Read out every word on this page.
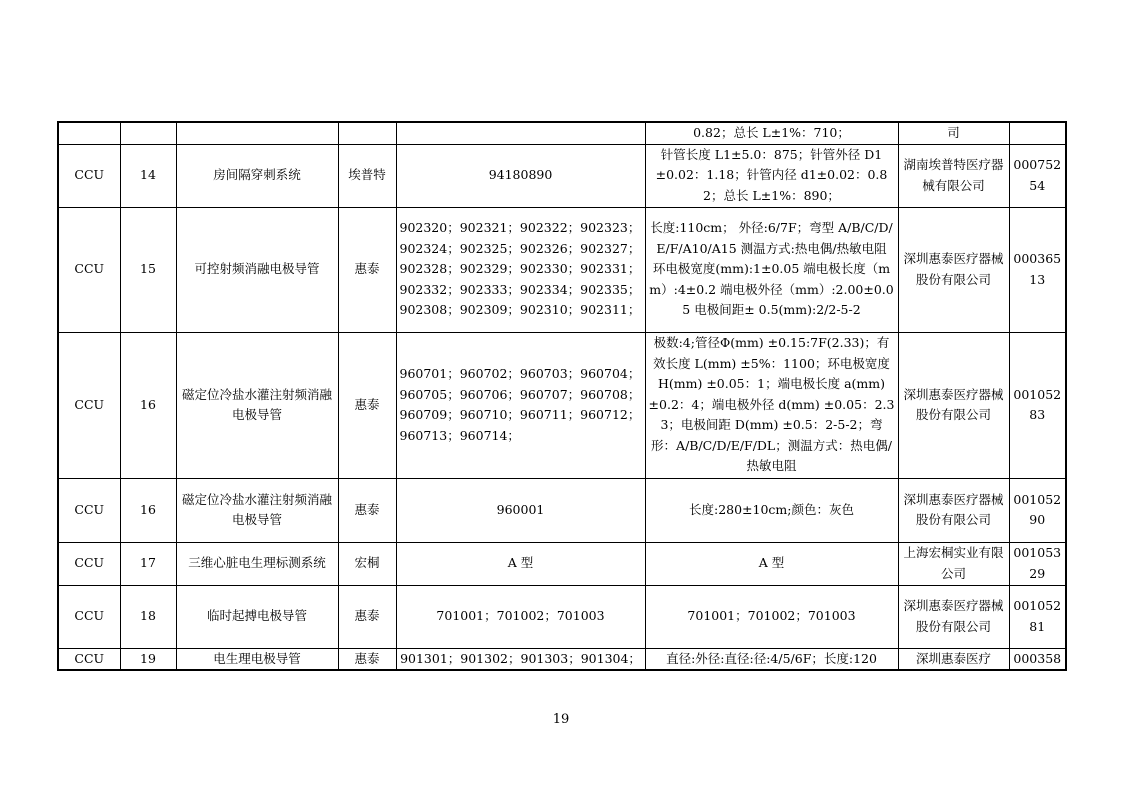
					0.82；总长 L±1%：710；	司	
CCU	14	房间隔穿刺系统	埃普特	94180890	针管长度 L1±5.0：875；针管外径 D1 ±0.02：1.18；针管内径 d1±0.02：0.82；总长 L±1%：890；	湖南埃普特医疗器械有限公司	00075254
CCU	15	可控射频消融电极导管	惠泰	902320；902321；902322；902323；902324；902325；902326；902327；902328；902329；902330；902331；902332；902333；902334；902335；902308；902309；902310；902311；	长度:110cm； 外径:6/7F；弯型 A/B/C/D/E/F/A10/A15 测温方式:热电偶/热敏电阻 环电极宽度(mm):1±0.05 端电极长度（mm）:4±0.2 端电极外径（mm）:2.00±0.05 电极间距± 0.5(mm):2/2-5-2	深圳惠泰医疗器械股份有限公司	00036513
CCU	16	磁定位冷盐水灌注射频消融电极导管	惠泰	960701；960702；960703；960704；960705；960706；960707；960708；960709；960710；960711；960712；960713；960714；	极数:4;管径Φ(mm) ±0.15:7F(2.33)；有效长度 L(mm) ±5%：1100；环电极宽度 H(mm) ±0.05：1；端电极长度 a(mm) ±0.2：4；端电极外径 d(mm) ±0.05：2.33；电极间距 D(mm) ±0.5：2-5-2；弯形：A/B/C/D/E/F/DL；测温方式：热电偶/热敏电阻	深圳惠泰医疗器械股份有限公司	00105283
CCU	16	磁定位冷盐水灌注射频消融电极导管	惠泰	960001	长度:280±10cm;颜色：灰色	深圳惠泰医疗器械股份有限公司	00105290
CCU	17	三维心脏电生理标测系统	宏桐	A 型	A 型	上海宏桐实业有限公司	00105329
CCU	18	临时起搏电极导管	惠泰	701001；701002；701003	701001；701002；701003	深圳惠泰医疗器械股份有限公司	00105281
CCU	19	电生理电极导管	惠泰	901301；901302；901303；901304；	直径:外径:直径:径:4/5/6F；长度:120	深圳惠泰医疗	000358
19
